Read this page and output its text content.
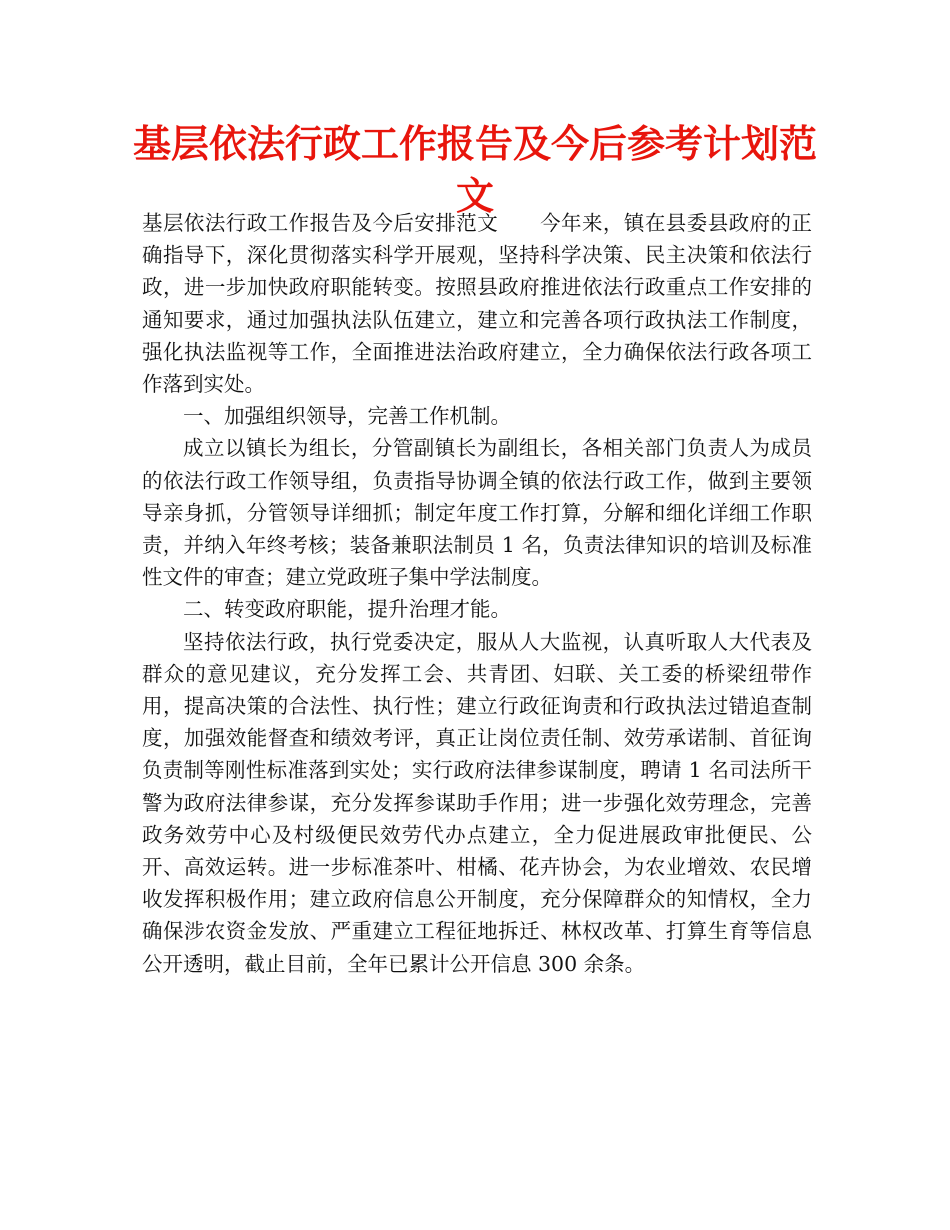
基层依法行政工作报告及今后参考计划范文

基层依法行政工作报告及今后安排范文　　今年来，镇在县委县政府的正确指导下，深化贯彻落实科学开展观，坚持科学决策、民主决策和依法行政，进一步加快政府职能转变。按照县政府推进依法行政重点工作安排的通知要求，通过加强执法队伍建立，建立和完善各项行政执法工作制度，强化执法监视等工作，全面推进法治政府建立，全力确保依法行政各项工作落到实处。

一、加强组织领导，完善工作机制。

成立以镇长为组长，分管副镇长为副组长，各相关部门负责人为成员的依法行政工作领导组，负责指导协调全镇的依法行政工作，做到主要领导亲身抓，分管领导详细抓；制定年度工作打算，分解和细化详细工作职责，并纳入年终考核；装备兼职法制员 1 名，负责法律知识的培训及标准性文件的审查；建立党政班子集中学法制度。

二、转变政府职能，提升治理才能。

坚持依法行政，执行党委决定，服从人大监视，认真听取人大代表及群众的意见建议，充分发挥工会、共青团、妇联、关工委的桥梁纽带作用，提高决策的合法性、执行性；建立行政征询责和行政执法过错追查制度，加强效能督查和绩效考评，真正让岗位责任制、效劳承诺制、首征询负责制等刚性标准落到实处；实行政府法律参谋制度，聘请 1 名司法所干警为政府法律参谋，充分发挥参谋助手作用；进一步强化效劳理念，完善政务效劳中心及村级便民效劳代办点建立，全力促进展政审批便民、公开、高效运转。进一步标准茶叶、柑橘、花卉协会，为农业增效、农民增收发挥积极作用；建立政府信息公开制度，充分保障群众的知情权，全力确保涉农资金发放、严重建立工程征地拆迁、林权改革、打算生育等信息公开透明，截止目前，全年已累计公开信息 300 余条。
